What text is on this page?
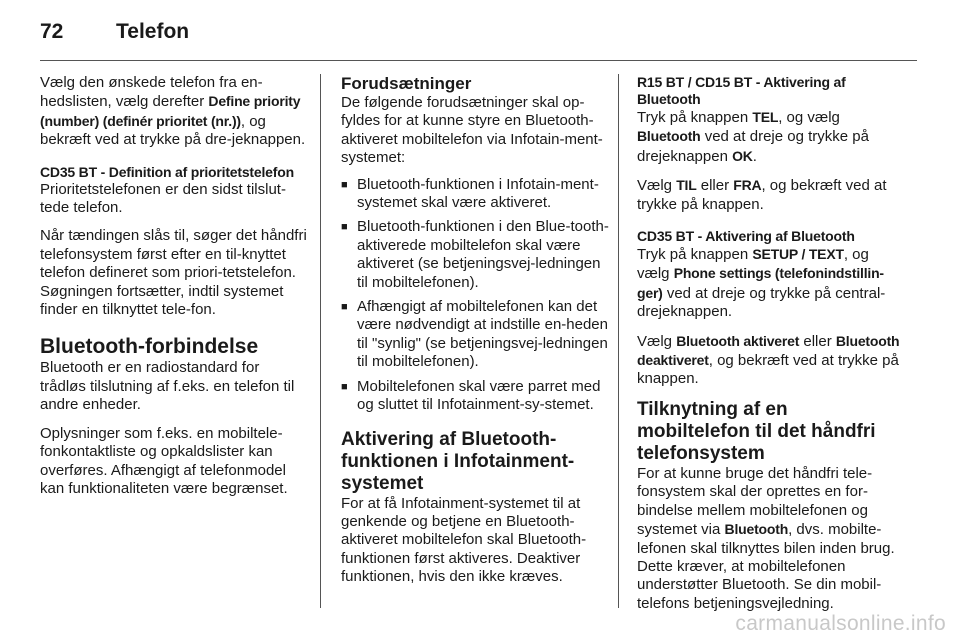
72	Telefon

Vælg den ønskede telefon fra en-hedslisten, vælg derefter Define priority (number) (definér prioritet (nr.)), og bekræft ved at trykke på dre-jeknappen.

CD35 BT - Definition af prioritetstelefon

Prioritetstelefonen er den sidst tilslut-tede telefon.

Når tændingen slås til, søger det håndfri telefonsystem først efter en til-knyttet telefon defineret som priori-tetstelefon. Søgningen fortsætter, indtil systemet finder en tilknyttet tele-fon.

Bluetooth-forbindelse

Bluetooth er en radiostandard for trådløs tilslutning af f.eks. en telefon til andre enheder.

Oplysninger som f.eks. en mobiltele-fonkontaktliste og opkaldslister kan overføres. Afhængigt af telefonmodel kan funktionaliteten være begrænset.

Forudsætninger

De følgende forudsætninger skal op-fyldes for at kunne styre en Bluetooth-aktiveret mobiltelefon via Infotain-ment-systemet:

■ Bluetooth-funktionen i Infotain-ment-systemet skal være aktiveret.
■ Bluetooth-funktionen i den Blue-tooth-aktiverede mobiltelefon skal være aktiveret (se betjeningsvej-ledningen til mobiltelefonen).
■ Afhængigt af mobiltelefonen kan det være nødvendigt at indstille en-heden til "synlig" (se betjeningsvej-ledningen til mobiltelefonen).
■ Mobiltelefonen skal være parret med og sluttet til Infotainment-sy-stemet.
Aktivering af Bluetooth-funktionen i Infotainment-systemet

For at få Infotainment-systemet til at genkende og betjene en Bluetooth-aktiveret mobiltelefon skal Bluetooth-funktionen først aktiveres. Deaktiver funktionen, hvis den ikke kræves.

R15 BT / CD15 BT - Aktivering af Bluetooth

Tryk på knappen TEL, og vælg Bluetooth ved at dreje og trykke på drejeknappen OK.

Vælg TIL eller FRA, og bekræft ved at trykke på knappen.

CD35 BT - Aktivering af Bluetooth

Tryk på knappen SETUP / TEXT, og vælg Phone settings (telefonindstillin-ger) ved at dreje og trykke på central-drejeknappen.

Vælg Bluetooth aktiveret eller Bluetooth deaktiveret, og bekræft ved at trykke på knappen.

Tilknytning af en mobiltelefon til det håndfri telefonsystem

For at kunne bruge det håndfri tele-fonsystem skal der oprettes en for-bindelse mellem mobiltelefonen og systemet via Bluetooth, dvs. mobilte-lefonen skal tilknyttes bilen inden brug. Dette kræver, at mobiltelefonen understøtter Bluetooth. Se din mobil-telefons betjeningsvejledning.

carmanualsonline.info
